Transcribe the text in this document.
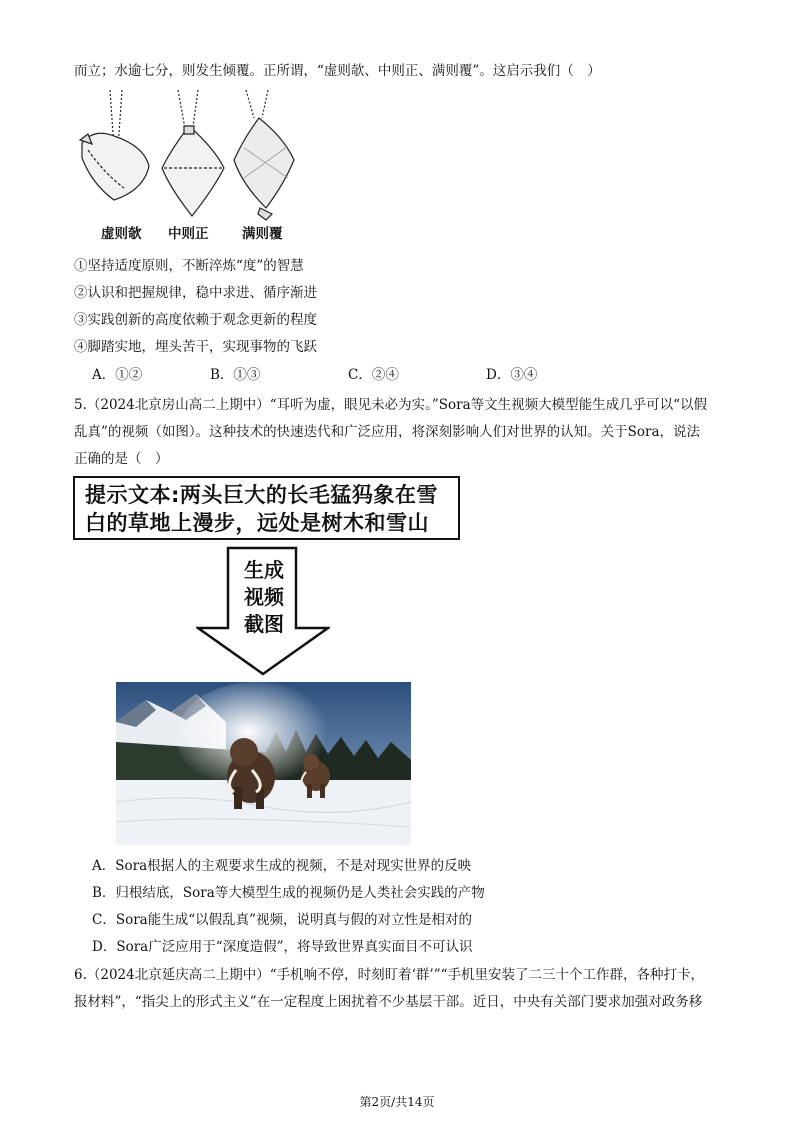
而立；水逾七分，则发生倾覆。正所谓，“虚则欹、中则正、满则覆”。这启示我们（　）
虚则欹 中则正 满则覆
①坚持适度原则，不断淬炼“度”的智慧
②认识和把握规律，稳中求进、循序渐进
③实践创新的高度依赖于观念更新的程度
④脚踏实地，埋头苦干，实现事物的飞跃
A．①②	B．①③	C．②④	D．③④
5.（2024北京房山高二上期中）“耳听为虚，眼见未必为实。”Sora等文生视频大模型能生成几乎可以“以假
乱真”的视频（如图）。这种技术的快速迭代和广泛应用，将深刻影响人们对世界的认知。关于Sora，说法
正确的是（　）
提示文本:两头巨大的长毛猛犸象在雪
白的草地上漫步，远处是树木和雪山
生成
视频
截图
A．Sora根据人的主观要求生成的视频，不是对现实世界的反映
B．归根结底，Sora等大模型生成的视频仍是人类社会实践的产物
C．Sora能生成“以假乱真”视频，说明真与假的对立性是相对的
D．Sora广泛应用于“深度造假”，将导致世界真实面目不可认识
6.（2024北京延庆高二上期中）“手机响不停，时刻盯着‘群’”“手机里安装了二三十个工作群，各种打卡，
报材料”，“指尖上的形式主义”在一定程度上困扰着不少基层干部。近日，中央有关部门要求加强对政务移
第2页/共14页
